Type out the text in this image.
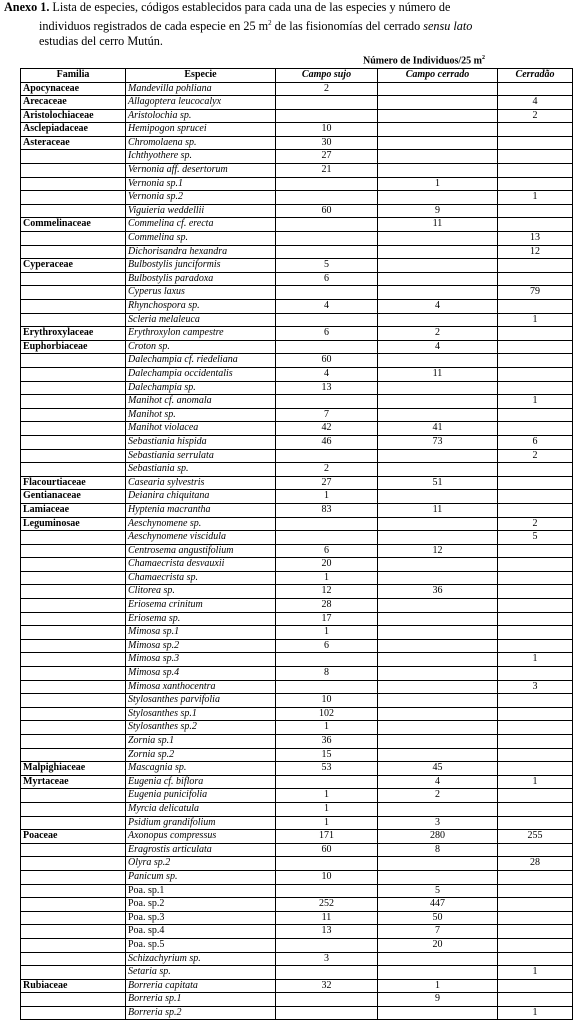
Anexo 1. Lista de especies, códigos establecidos para cada una de las especies y número de
individuos registrados de cada especie en 25 $m^2$ de las fisionomías del cerrado sensu lato
estudias del cerro Mutún.
		Número de Individuos/25 $m^2$
Familia	Especie	Campo sujo	Campo cerrado	Cerradão
Apocynaceae	Mandevilla pohliana	2		
Arecaceae	Allagoptera leucocalyx			4
Aristolochiaceae	Aristolochia sp.			2
Asclepiadaceae	Hemipogon sprucei	10		
Asteraceae	Chromolaena sp.	30		
	Ichthyothere sp.	27		
	Vernonia aff. desertorum	21		
	Vernonia sp.1		1	
	Vernonia sp.2			1
	Viguieria weddellii	60	9	
Commelinaceae	Commelina cf. erecta		11	
	Commelina sp.			13
	Dichorisandra hexandra			12
Cyperaceae	Bulbostylis junciformis	5		
	Bulbostylis paradoxa	6		
	Cyperus laxus			79
	Rhynchospora sp.	4	4	
	Scleria melaleuca			1
Erythroxylaceae	Erythroxylon campestre	6	2	
Euphorbiaceae	Croton sp.		4	
	Dalechampia cf. riedeliana	60		
	Dalechampia occidentalis	4	11	
	Dalechampia sp.	13		
	Manihot cf. anomala			1
	Manihot sp.	7		
	Manihot violacea	42	41	
	Sebastiania hispida	46	73	6
	Sebastiania serrulata			2
	Sebastiania sp.	2		
Flacourtiaceae	Casearia sylvestris	27	51	
Gentianaceae	Deianira chiquitana	1		
Lamiaceae	Hyptenia macrantha	83	11	
Leguminosae	Aeschynomene sp.			2
	Aeschynomene viscidula			5
	Centrosema angustifolium	6	12	
	Chamaecrista desvauxii	20		
	Chamaecrista sp.	1		
	Clitorea sp.	12	36	
	Eriosema crinitum	28		
	Eriosema sp.	17		
	Mimosa sp.1	1		
	Mimosa sp.2	6		
	Mimosa sp.3			1
	Mimosa sp.4	8		
	Mimosa xanthocentra			3
	Stylosanthes parvifolia	10		
	Stylosanthes sp.1	102		
	Stylosanthes sp.2	1		
	Zornia sp.1	36		
	Zornia sp.2	15		
Malpighiaceae	Mascagnia sp.	53	45	
Myrtaceae	Eugenia cf. biflora		4	1
	Eugenia punicifolia	1	2	
	Myrcia delicatula	1		
	Psidium grandifolium	1	3	
Poaceae	Axonopus compressus	171	280	255
	Eragrostis articulata	60	8	
	Olyra sp.2			28
	Panicum sp.	10		
	Poa. sp.1		5	
	Poa. sp.2	252	447	
	Poa. sp.3	11	50	
	Poa. sp.4	13	7	
	Poa. sp.5		20	
	Schizachyrium sp.	3		
	Setaria sp.			1
Rubiaceae	Borreria capitata	32	1	
	Borreria sp.1		9	
	Borreria sp.2			1
